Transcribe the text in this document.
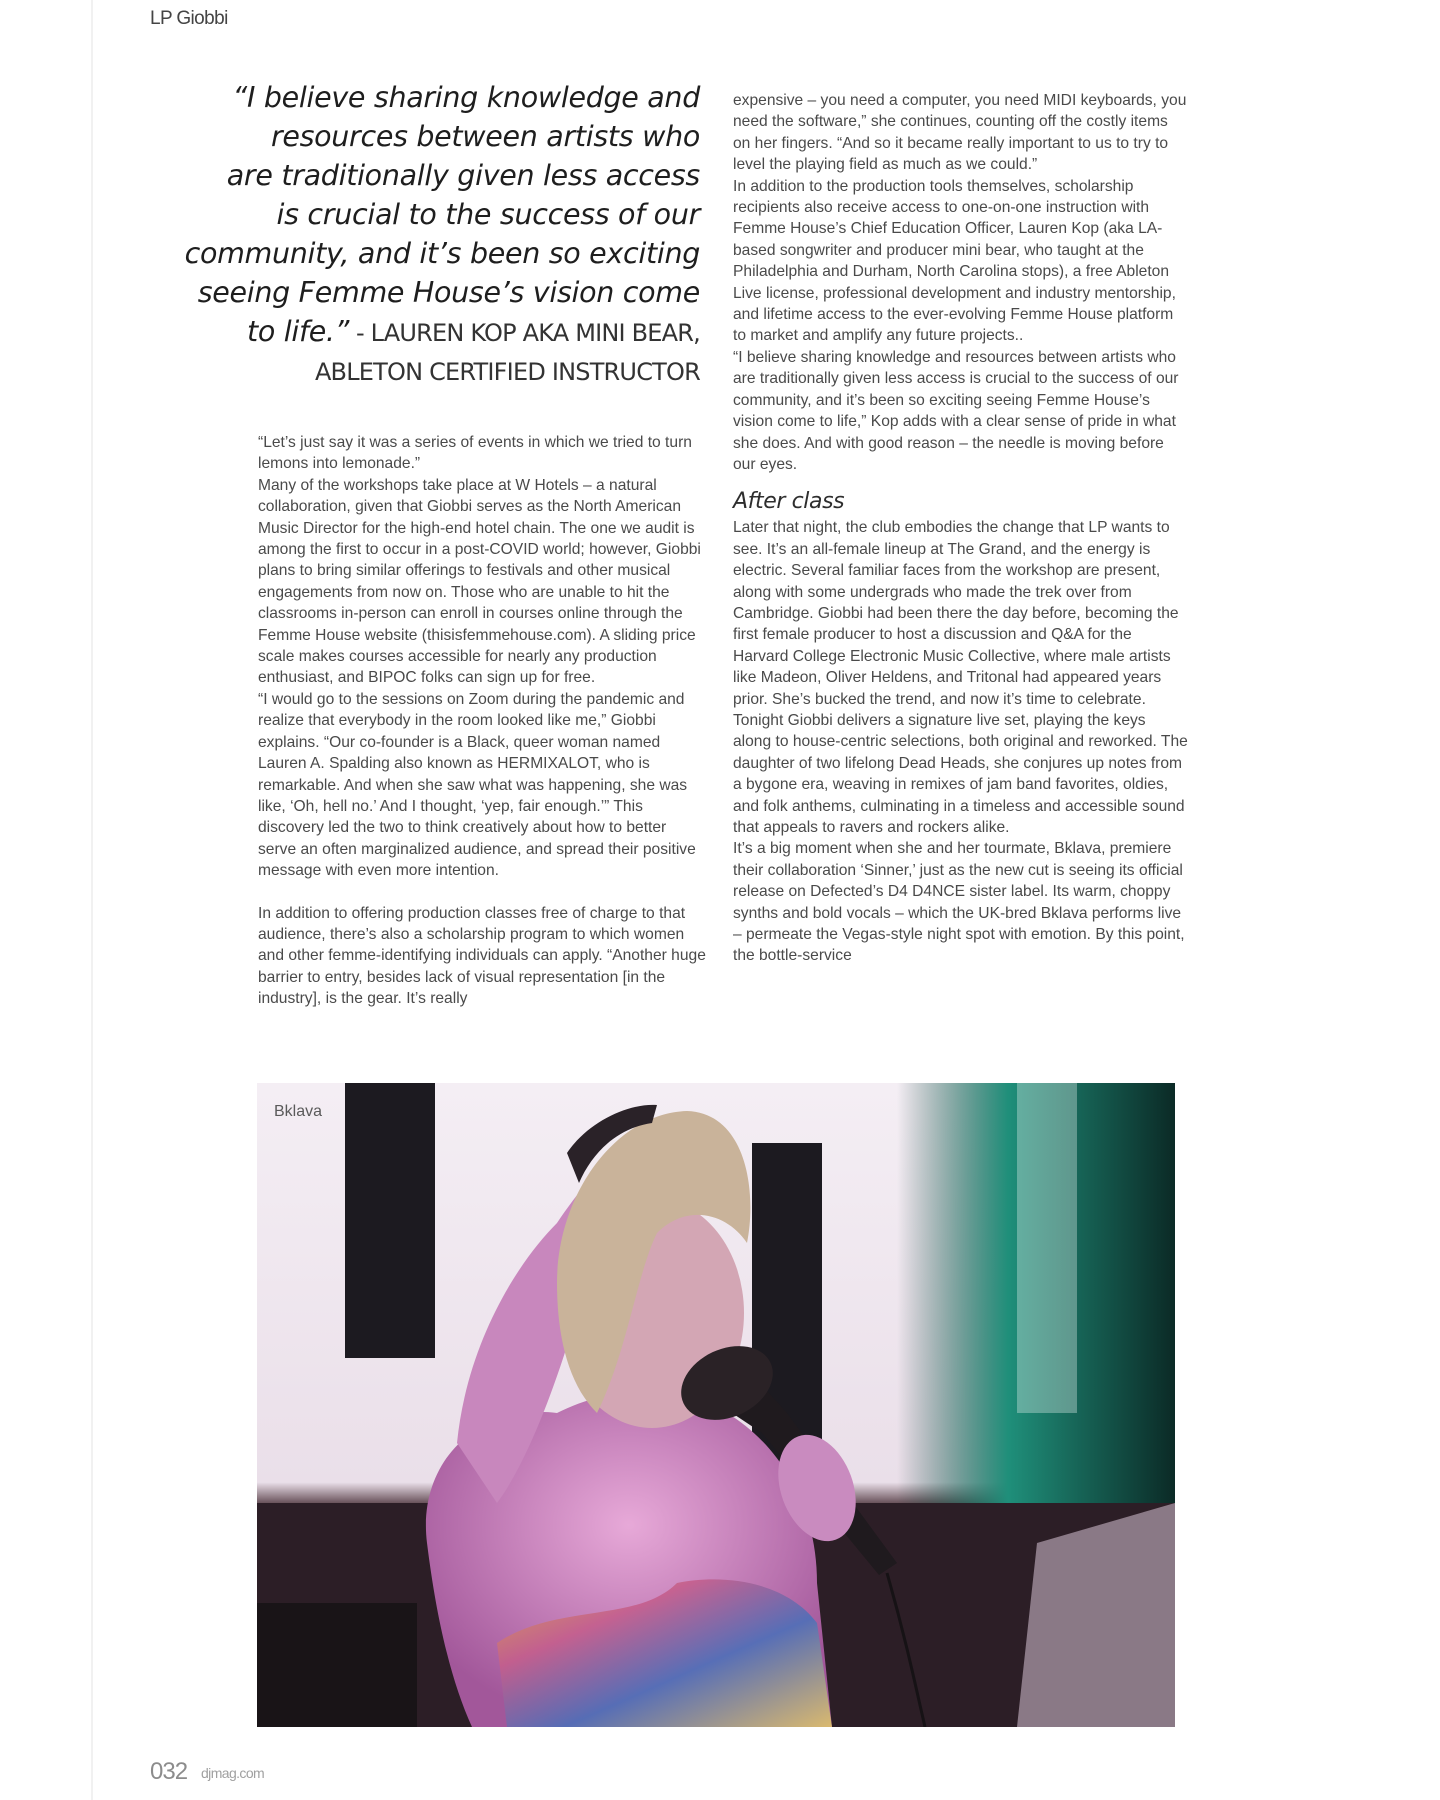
LP Giobbi
“I believe sharing knowledge and
resources between artists who
are traditionally given less access
is crucial to the success of our
community, and it’s been so exciting
seeing Femme House’s vision come
to life.” - LAUREN KOP AKA MINI BEAR,
ABLETON CERTIFIED INSTRUCTOR

“Let’s just say it was a series of events in which we tried to turn lemons into lemonade.”

Many of the workshops take place at W Hotels – a natural collaboration, given that Giobbi serves as the North American Music Director for the high-end hotel chain. The one we audit is among the first to occur in a post-COVID world; however, Giobbi plans to bring similar offerings to festivals and other musical engagements from now on. Those who are unable to hit the classrooms in-person can enroll in courses online through the Femme House website (thisisfemmehouse.com). A sliding price scale makes courses accessible for nearly any production enthusiast, and BIPOC folks can sign up for free.

“I would go to the sessions on Zoom during the pandemic and realize that everybody in the room looked like me,” Giobbi explains. “Our co-founder is a Black, queer woman named Lauren A. Spalding also known as HERMIXALOT, who is remarkable. And when she saw what was happening, she was like, ‘Oh, hell no.’ And I thought, ‘yep, fair enough.’” This discovery led the two to think creatively about how to better serve an often marginalized audience, and spread their positive message with even more intention.

In addition to offering production classes free of charge to that audience, there’s also a scholarship program to which women and other femme-identifying individuals can apply. “Another huge barrier to entry, besides lack of visual representation [in the industry], is the gear. It’s really

expensive – you need a computer, you need MIDI keyboards, you need the software,” she continues, counting off the costly items on her fingers. “And so it became really important to us to try to level the playing field as much as we could.”

In addition to the production tools themselves, scholarship recipients also receive access to one-on-one instruction with Femme House’s Chief Education Officer, Lauren Kop (aka LA-based songwriter and producer mini bear, who taught at the Philadelphia and Durham, North Carolina stops), a free Ableton Live license, professional development and industry mentorship, and lifetime access to the ever-evolving Femme House platform to market and amplify any future projects..

“I believe sharing knowledge and resources between artists who are traditionally given less access is crucial to the success of our community, and it’s been so exciting seeing Femme House’s vision come to life,” Kop adds with a clear sense of pride in what she does. And with good reason – the needle is moving before our eyes.

After class

Later that night, the club embodies the change that LP wants to see. It’s an all-female lineup at The Grand, and the energy is electric. Several familiar faces from the workshop are present, along with some undergrads who made the trek over from Cambridge. Giobbi had been there the day before, becoming the first female producer to host a discussion and Q&A for the Harvard College Electronic Music Collective, where male artists like Madeon, Oliver Heldens, and Tritonal had appeared years prior. She’s bucked the trend, and now it’s time to celebrate.

Tonight Giobbi delivers a signature live set, playing the keys along to house-centric selections, both original and reworked. The daughter of two lifelong Dead Heads, she conjures up notes from a bygone era, weaving in remixes of jam band favorites, oldies, and folk anthems, culminating in a timeless and accessible sound that appeals to ravers and rockers alike.

It’s a big moment when she and her tourmate, Bklava, premiere their collaboration ‘Sinner,’ just as the new cut is seeing its official release on Defected’s D4 D4NCE sister label. Its warm, choppy synths and bold vocals – which the UK-bred Bklava performs live – permeate the Vegas-style night spot with emotion. By this point, the bottle-service

Bklava
032 djmag.com
